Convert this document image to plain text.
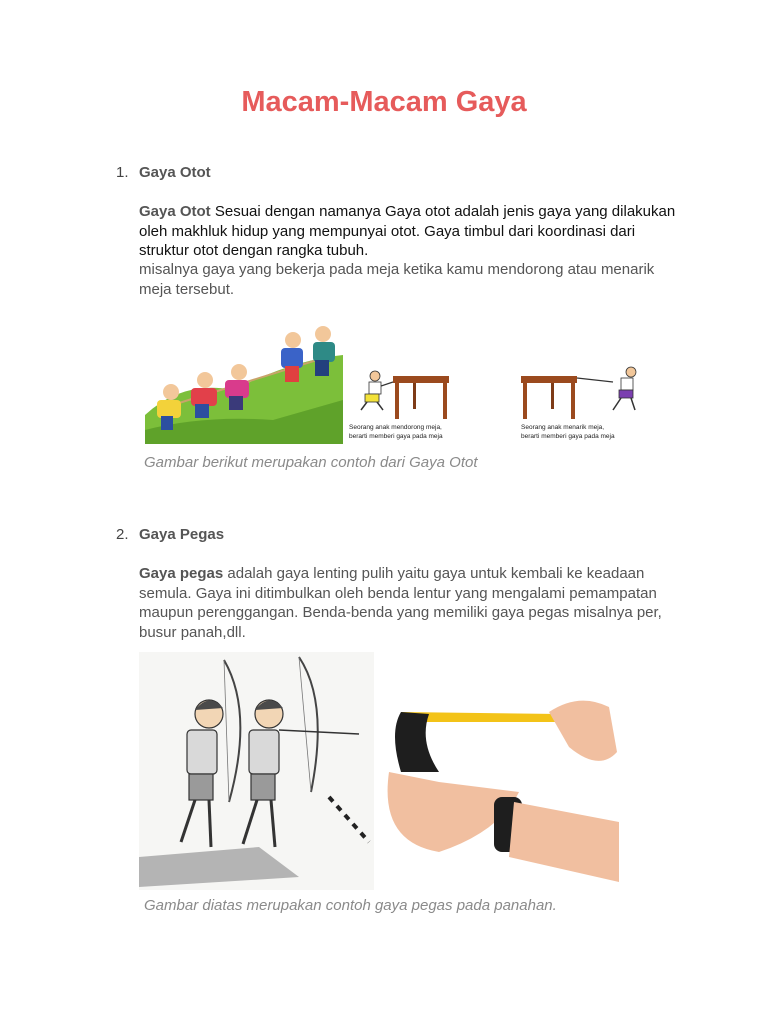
Macam-Macam Gaya
1. Gaya Otot

Gaya Otot Sesuai dengan namanya Gaya otot adalah jenis gaya yang dilakukan oleh makhluk hidup yang mempunyai otot. Gaya timbul dari koordinasi dari struktur otot dengan rangka tubuh.

misalnya gaya yang bekerja pada meja ketika kamu mendorong atau menarik meja tersebut.

Seorang anak mendorong meja,
berarti memberi gaya pada meja
Seorang anak menarik meja,
berarti memberi gaya pada meja
Gambar berikut merupakan contoh dari Gaya Otot
2. Gaya Pegas

Gaya pegas adalah gaya lenting pulih yaitu gaya untuk kembali ke keadaan semula. Gaya ini ditimbulkan oleh benda lentur yang mengalami pemampatan maupun perenggangan. Benda-benda yang memiliki gaya pegas misalnya per, busur panah,dll.

Gambar diatas merupakan contoh gaya pegas pada panahan.
